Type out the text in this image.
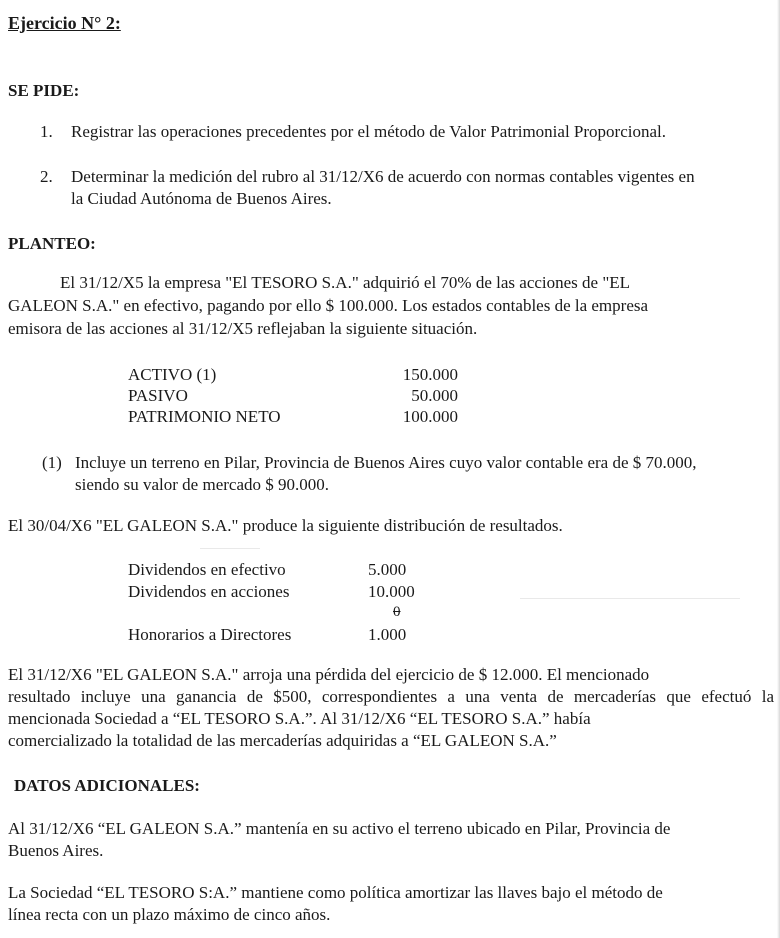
Ejercicio N° 2:
SE PIDE:
1. Registrar las operaciones precedentes por el método de Valor Patrimonial Proporcional.
2. Determinar la medición del rubro al 31/12/X6 de acuerdo con normas contables vigentes en
la Ciudad Autónoma de Buenos Aires.
PLANTEO:
El 31/12/X5 la empresa "El TESORO S.A." adquirió el 70% de las acciones de "EL
GALEON S.A." en efectivo, pagando por ello $ 100.000. Los estados contables de la empresa
emisora de las acciones al 31/12/X5 reflejaban la siguiente situación.
ACTIVO (1)	150.000
PASIVO	50.000
PATRIMONIO NETO	100.000
(1) Incluye un terreno en Pilar, Provincia de Buenos Aires cuyo valor contable era de $ 70.000,
siendo su valor de mercado $ 90.000.
El 30/04/X6 "EL GALEON S.A." produce la siguiente distribución de resultados.
Dividendos en efectivo	5.000
Dividendos en acciones	10.000
0
Honorarios a Directores	1.000
El 31/12/X6 "EL GALEON S.A." arroja una pérdida del ejercicio de $ 12.000. El mencionado
resultado incluye una ganancia de $500, correspondientes a una venta de mercaderías que efectuó la
mencionada Sociedad a “EL TESORO S.A.”. Al 31/12/X6 “EL TESORO S.A.” había
comercializado la totalidad de las mercaderías adquiridas a “EL GALEON S.A.”
DATOS ADICIONALES:
Al 31/12/X6 “EL GALEON S.A.” mantenía en su activo el terreno ubicado en Pilar, Provincia de
Buenos Aires.
La Sociedad “EL TESORO S:A.” mantiene como política amortizar las llaves bajo el método de
línea recta con un plazo máximo de cinco años.
